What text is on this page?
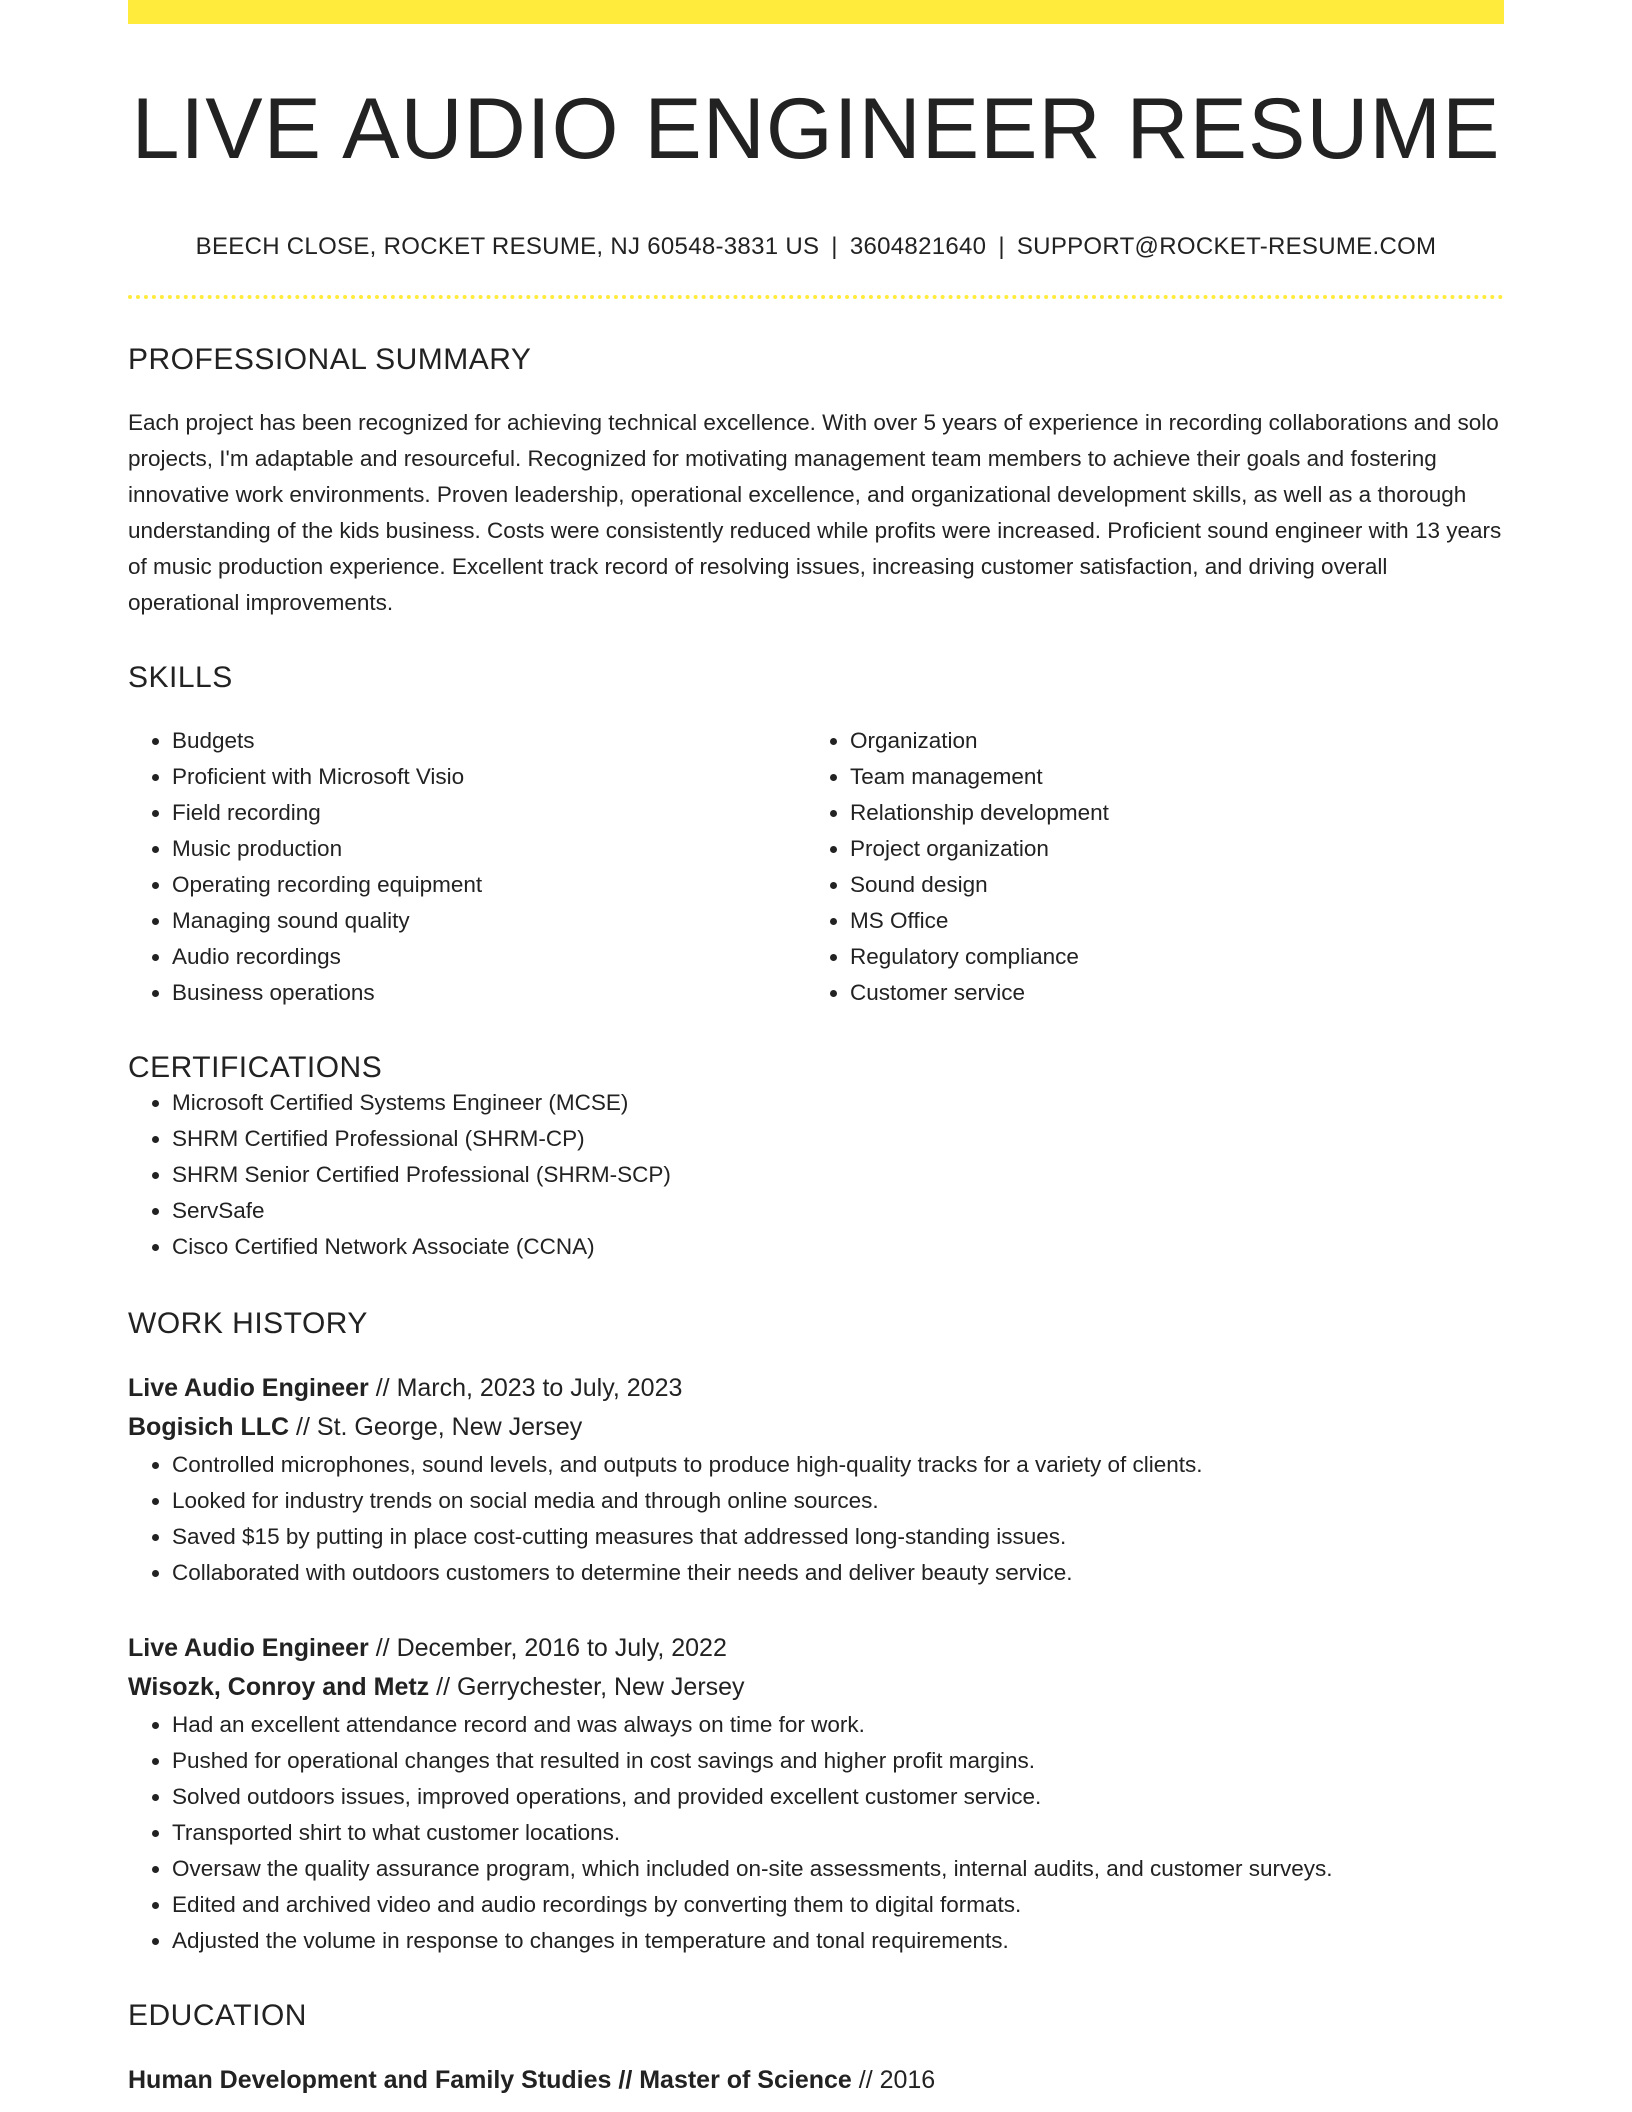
LIVE AUDIO ENGINEER RESUME
BEECH CLOSE, ROCKET RESUME, NJ 60548-3831 US | 3604821640 | SUPPORT@ROCKET-RESUME.COM
PROFESSIONAL SUMMARY

Each project has been recognized for achieving technical excellence. With over 5 years of experience in recording collaborations and solo projects, I'm adaptable and resourceful. Recognized for motivating management team members to achieve their goals and fostering innovative work environments. Proven leadership, operational excellence, and organizational development skills, as well as a thorough understanding of the kids business. Costs were consistently reduced while profits were increased. Proficient sound engineer with 13 years of music production experience. Excellent track record of resolving issues, increasing customer satisfaction, and driving overall operational improvements.

SKILLS
• Budgets
• Proficient with Microsoft Visio
• Field recording
• Music production
• Operating recording equipment
• Managing sound quality
• Audio recordings
• Business operations
• Organization
• Team management
• Relationship development
• Project organization
• Sound design
• MS Office
• Regulatory compliance
• Customer service
CERTIFICATIONS
• Microsoft Certified Systems Engineer (MCSE)
• SHRM Certified Professional (SHRM-CP)
• SHRM Senior Certified Professional (SHRM-SCP)
• ServSafe
• Cisco Certified Network Associate (CCNA)
WORK HISTORY
Live Audio Engineer // March, 2023 to July, 2023
Bogisich LLC // St. George, New Jersey
• Controlled microphones, sound levels, and outputs to produce high-quality tracks for a variety of clients.
• Looked for industry trends on social media and through online sources.
• Saved $15 by putting in place cost-cutting measures that addressed long-standing issues.
• Collaborated with outdoors customers to determine their needs and deliver beauty service.
Live Audio Engineer // December, 2016 to July, 2022
Wisozk, Conroy and Metz // Gerrychester, New Jersey
• Had an excellent attendance record and was always on time for work.
• Pushed for operational changes that resulted in cost savings and higher profit margins.
• Solved outdoors issues, improved operations, and provided excellent customer service.
• Transported shirt to what customer locations.
• Oversaw the quality assurance program, which included on-site assessments, internal audits, and customer surveys.
• Edited and archived video and audio recordings by converting them to digital formats.
• Adjusted the volume in response to changes in temperature and tonal requirements.
EDUCATION
Human Development and Family Studies // Master of Science // 2016
